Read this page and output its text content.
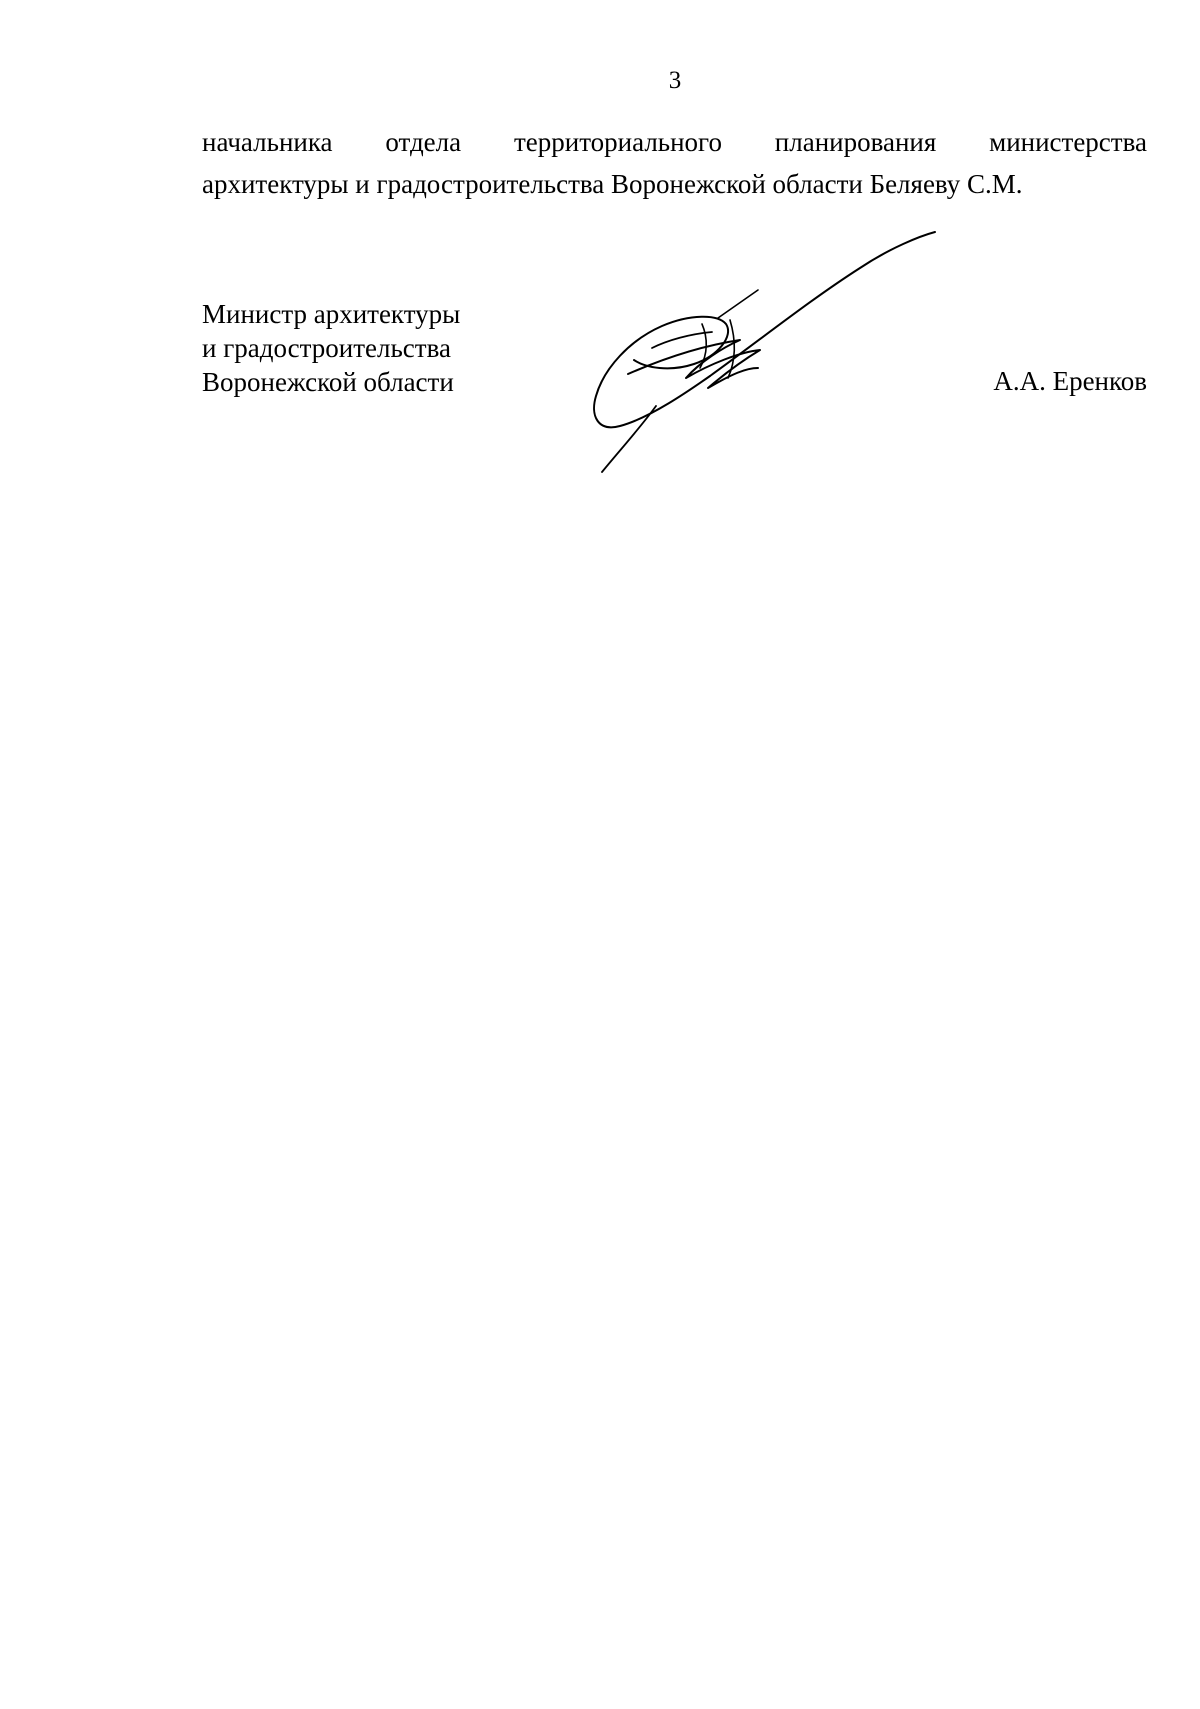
3
начальника отдела территориального планирования министерства
архитектуры и градостроительства Воронежской области Беляеву С.М.
Министр архитектуры
и градостроительства
Воронежской области	А.А. Еренков
